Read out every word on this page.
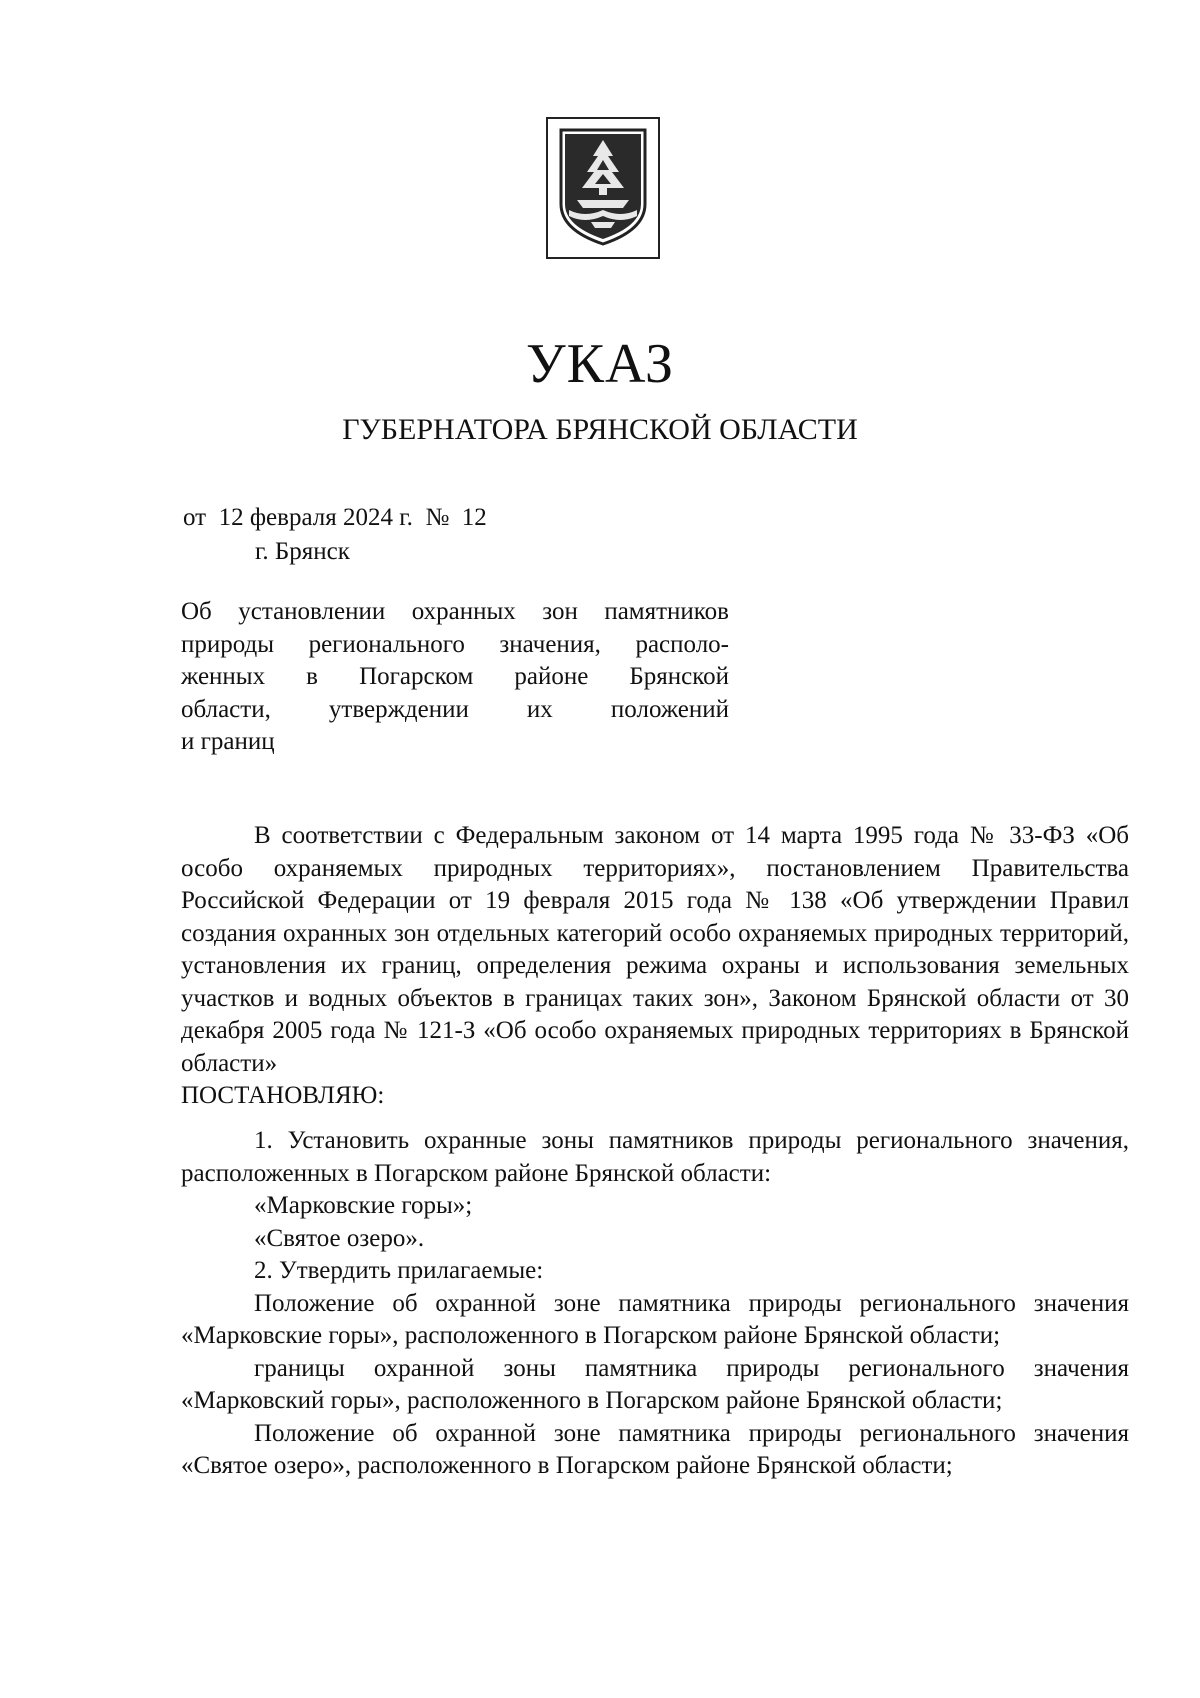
УКАЗ
ГУБЕРНАТОРА БРЯНСКОЙ ОБЛАСТИ
от 12 февраля 2024 г. № 12
г. Брянск
Об установлении охранных зон памятников
природы регионального значения, располо-
женных в Погарском районе Брянской
области, утверждении их положений
и границ

В соответствии с Федеральным законом от 14 марта 1995 года № 33-ФЗ «Об особо охраняемых природных территориях», постановлением Правительства Российской Федерации от 19 февраля 2015 года № 138 «Об утверждении Правил создания охранных зон отдельных категорий особо охраняемых природных территорий, установления их границ, определения режима охраны и использования земельных участков и водных объектов в границах таких зон», Законом Брянской области от 30 декабря 2005 года № 121-З «Об особо охраняемых природных территориях в Брянской области»

ПОСТАНОВЛЯЮ:

1. Установить охранные зоны памятников природы регионального значения, расположенных в Погарском районе Брянской области:

«Марковские горы»;

«Святое озеро».

2. Утвердить прилагаемые:

Положение об охранной зоне памятника природы регионального значения «Марковские горы», расположенного в Погарском районе Брянской области;

границы охранной зоны памятника природы регионального значения «Марковский горы», расположенного в Погарском районе Брянской области;

Положение об охранной зоне памятника природы регионального значения «Святое озеро», расположенного в Погарском районе Брянской области;
